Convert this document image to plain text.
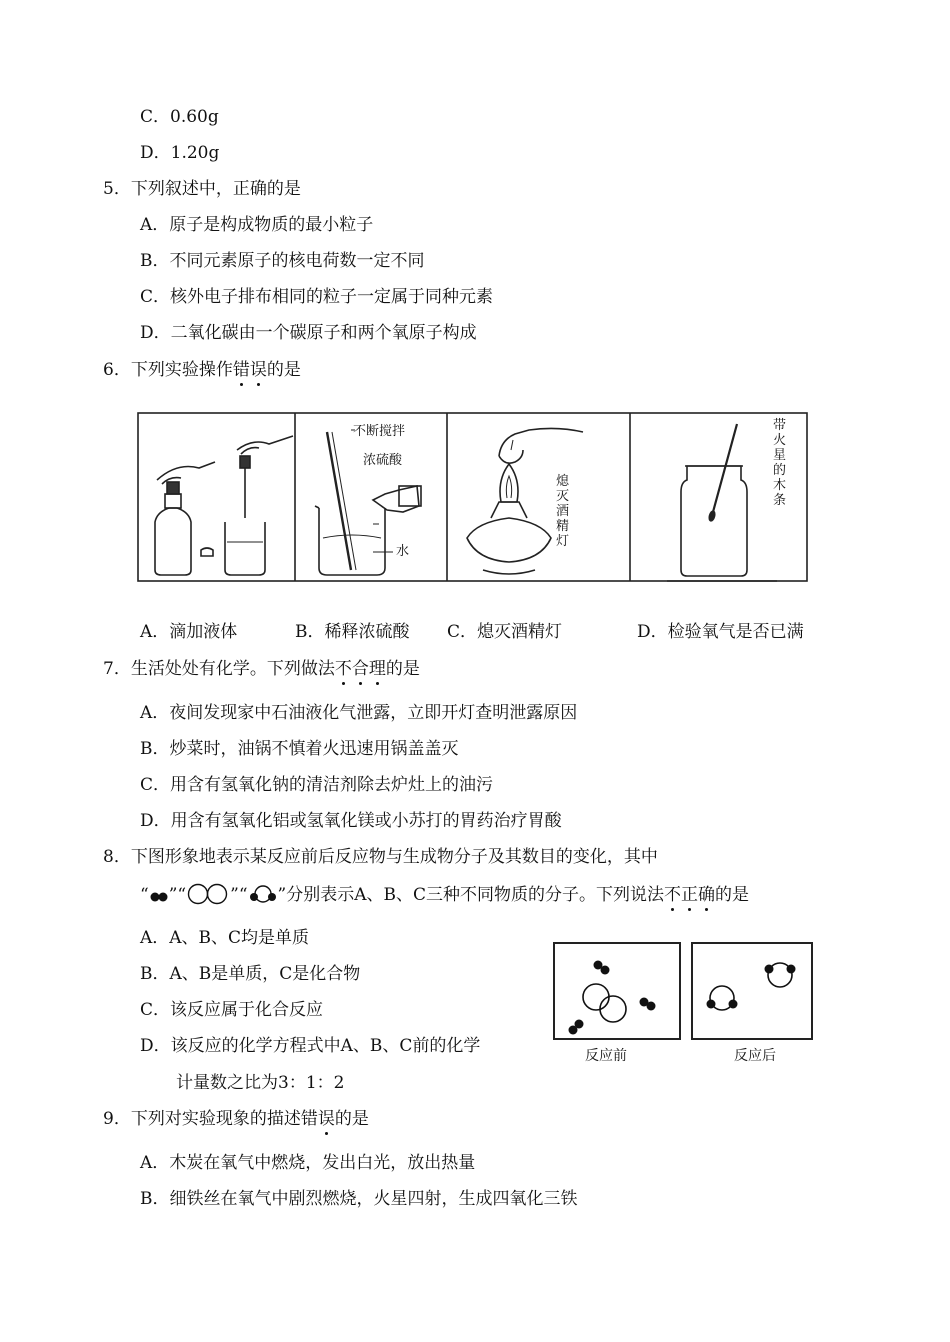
C．0.60g
D．1.20g
5．下列叙述中，正确的是
A．原子是构成物质的最小粒子
B．不同元素原子的核电荷数一定不同
C．核外电子排布相同的粒子一定属于同种元素
D．二氧化碳由一个碳原子和两个氧原子构成
6．下列实验操作错误的是
不断搅拌
浓硫酸
水
熄灭酒精灯
带火星的木条
A．滴加液体	B．稀释浓硫酸 C．熄灭酒精灯	D．检验氧气是否已满
7．生活处处有化学。下列做法不合理的是
A．夜间发现家中石油液化气泄露，立即开灯查明泄露原因
B．炒菜时，油锅不慎着火迅速用锅盖盖灭
C．用含有氢氧化钠的清洁剂除去炉灶上的油污
D．用含有氢氧化铝或氢氧化镁或小苏打的胃药治疗胃酸
8．下图形象地表示某反应前后反应物与生成物分子及其数目的变化，其中
“ ”“	”“ ”分别表示A、B、C三种不同物质的分子。下列说法不正确的是
A．A、B、C均是单质
B．A、B是单质，C是化合物
C．该反应属于化合反应
D．该反应的化学方程式中A、B、C前的化学
计量数之比为3：1：2
反应前	反应后
9．下列对实验现象的描述错误的是
A．木炭在氧气中燃烧，发出白光，放出热量
B．细铁丝在氧气中剧烈燃烧，火星四射，生成四氧化三铁
